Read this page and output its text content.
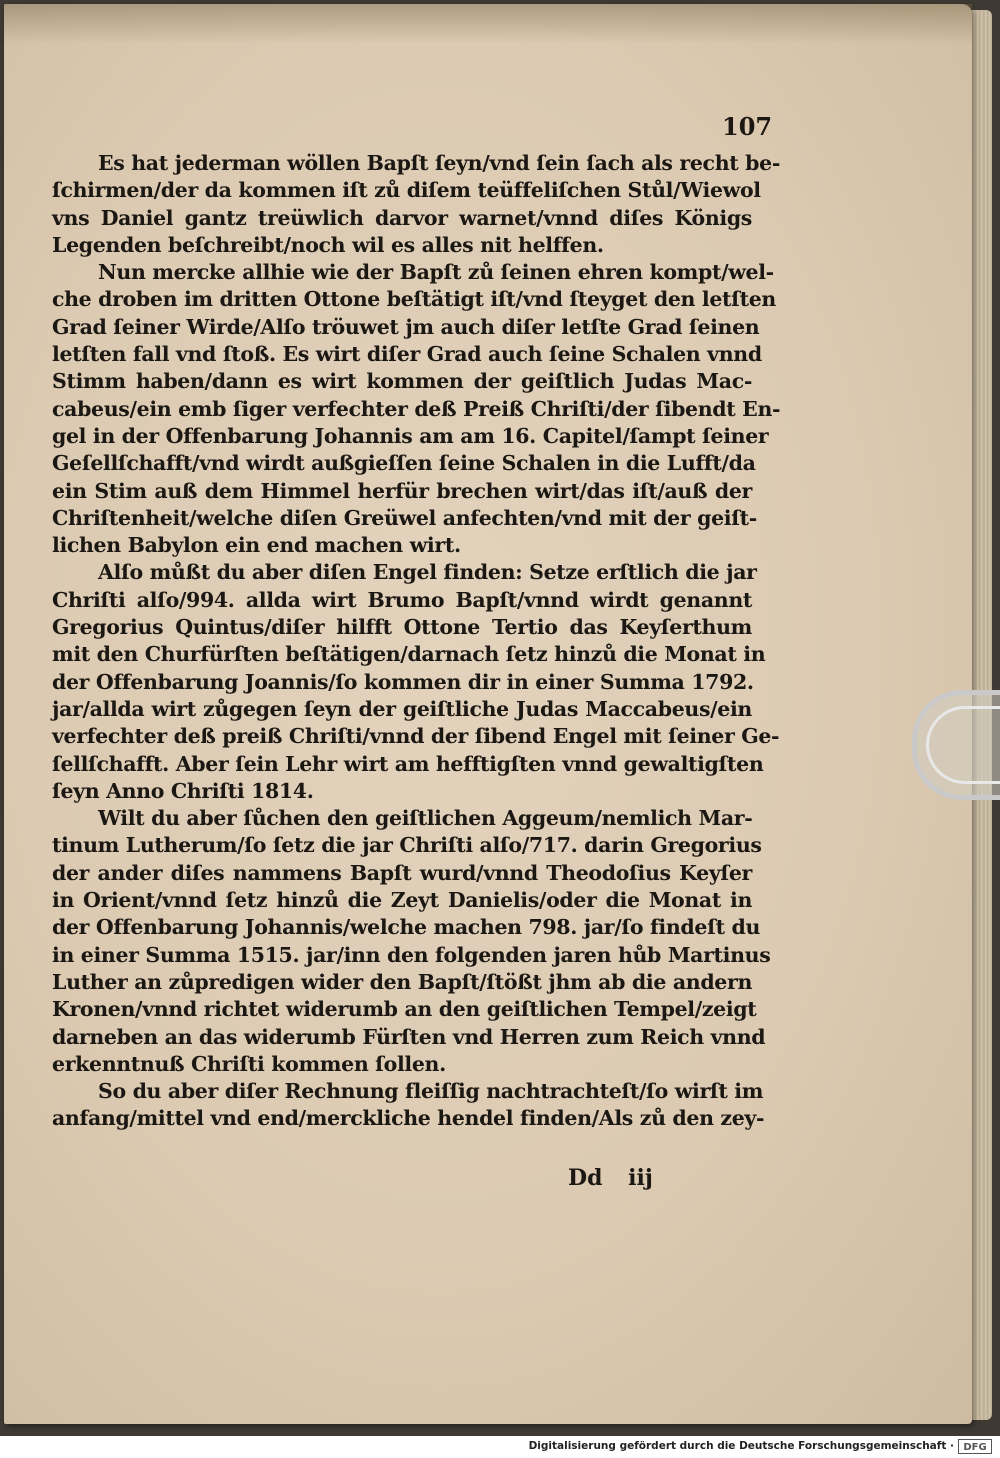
107
Es hat jederman wöllen Bapſt ſeyn/vnd ſein ſach als recht be-
ſchirmen/der da kommen iſt zů diſem teüffeliſchen Stůl/Wiewol
vns Daniel gantz treüwlich darvor warnet/vnnd diſes Königs
Legenden beſchreibt/noch wil es alles nit helffen.
Nun mercke allhie wie der Bapſt zů ſeinen ehren kompt/wel-
che droben im dritten Ottone beſtätigt iſt/vnd ſteyget den letſten
Grad ſeiner Wirde/Alſo tröuwet jm auch diſer letſte Grad ſeinen
letſten fall vnd ſtoß. Es wirt diſer Grad auch ſeine Schalen vnnd
Stimm haben/dann es wirt kommen der geiſtlich Judas Mac-
cabeus/ein emb ſiger verfechter deß Preiß Chriſti/der ſibendt En-
gel in der Offenbarung Johannis am am 16. Capitel/ſampt ſeiner
Geſellſchafft/vnd wirdt außgieſſen ſeine Schalen in die Lufft/da
ein Stim auß dem Himmel herfür brechen wirt/das iſt/auß der
Chriſtenheit/welche diſen Greüwel anfechten/vnd mit der geiſt-
lichen Babylon ein end machen wirt.
Alſo můßt du aber diſen Engel finden: Setze erſtlich die jar
Chriſti alſo/994. allda wirt Brumo Bapſt/vnnd wirdt genannt
Gregorius Quintus/diſer hilfft Ottone Tertio das Keyſerthum
mit den Churfürſten beſtätigen/darnach ſetz hinzů die Monat in
der Offenbarung Joannis/ſo kommen dir in einer Summa 1792.
jar/allda wirt zůgegen ſeyn der geiſtliche Judas Maccabeus/ein
verfechter deß preiß Chriſti/vnnd der ſibend Engel mit ſeiner Ge-
ſellſchafft. Aber ſein Lehr wirt am hefftigſten vnnd gewaltigſten
ſeyn Anno Chriſti 1814.
Wilt du aber ſůchen den geiſtlichen Aggeum/nemlich Mar-
tinum Lutherum/ſo ſetz die jar Chriſti alſo/717. darin Gregorius
der ander diſes nammens Bapſt wurd/vnnd Theodoſius Keyſer
in Orient/vnnd ſetz hinzů die Zeyt Danielis/oder die Monat in
der Offenbarung Johannis/welche machen 798. jar/ſo findeſt du
in einer Summa 1515. jar/inn den folgenden jaren hůb Martinus
Luther an zůpredigen wider den Bapſt/ſtößt jhm ab die andern
Kronen/vnnd richtet widerumb an den geiſtlichen Tempel/zeigt
darneben an das widerumb Fürſten vnd Herren zum Reich vnnd
erkenntnuß Chriſti kommen ſollen.
So du aber diſer Rechnung fleiſſig nachtrachteſt/ſo wirſt im
anfang/mittel vnd end/merckliche hendel finden/Als zů den zey-
Dd iij
Digitalisierung gefördert durch die Deutsche Forschungsgemeinschaft · DFG
